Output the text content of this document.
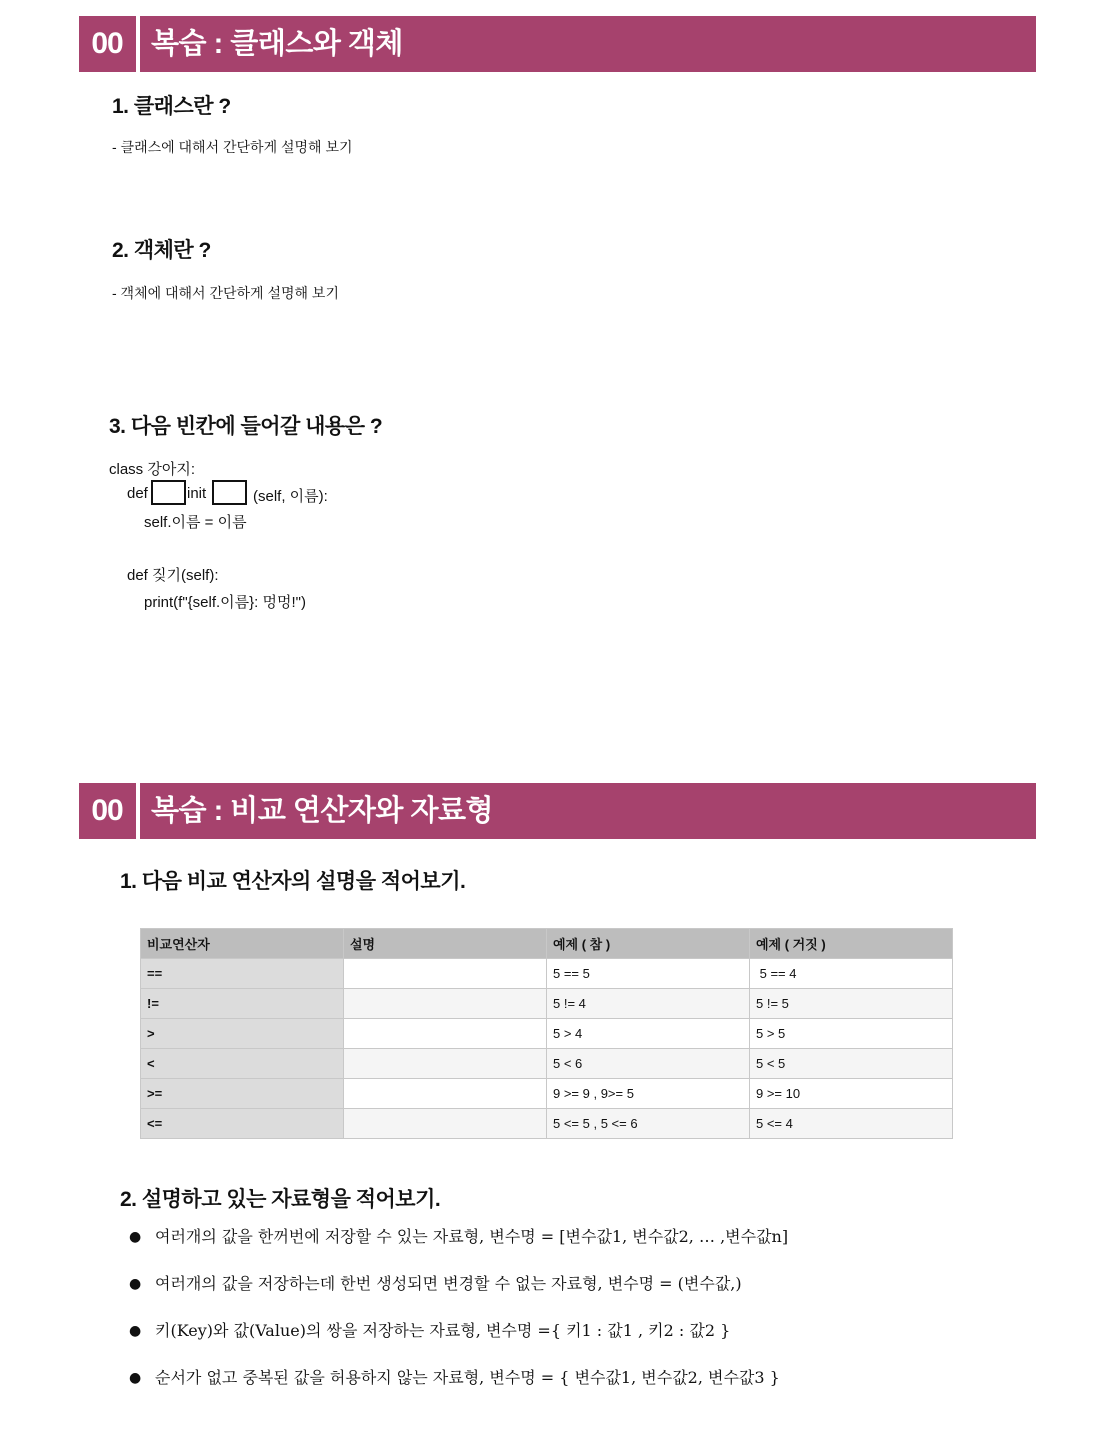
00 복습 : 클래스와 객체
1. 클래스란 ?
- 클래스에 대해서 간단하게 설명해 보기
2. 객체란 ?
- 객체에 대해서 간단하게 설명해 보기
3. 다음 빈칸에 들어갈 내용은 ?
class 강아지:
def	init	(self, 이름):
self.이름 = 이름
def 짖기(self):
print(f"{self.이름}: 멍멍!")
00 복습 : 비교 연산자와 자료형
1. 다음 비교 연산자의 설명을 적어보기.
비교연산자	설명	예제 ( 참 )	예제 ( 거짓 )
==		5 == 5	5 == 4
!=		5 != 4	5 != 5
>		5 > 4	5 > 5
<		5 < 6	5 < 5
>=		9 >= 9 , 9>= 5	9 >= 10
<=		5 <= 5 , 5 <= 6	5 <= 4
2. 설명하고 있는 자료형을 적어보기.
● 여러개의 값을 한꺼번에 저장할 수 있는 자료형, 변수명 = [변수값1, 변수값2, … ,변수값n]
● 여러개의 값을 저장하는데 한번 생성되면 변경할 수 없는 자료형, 변수명 = (변수값,)
● 키(Key)와 값(Value)의 쌍을 저장하는 자료형, 변수명 ={ 키1 : 값1 , 키2 : 값2 }
● 순서가 없고 중복된 값을 허용하지 않는 자료형, 변수명 = { 변수값1, 변수값2, 변수값3 }
